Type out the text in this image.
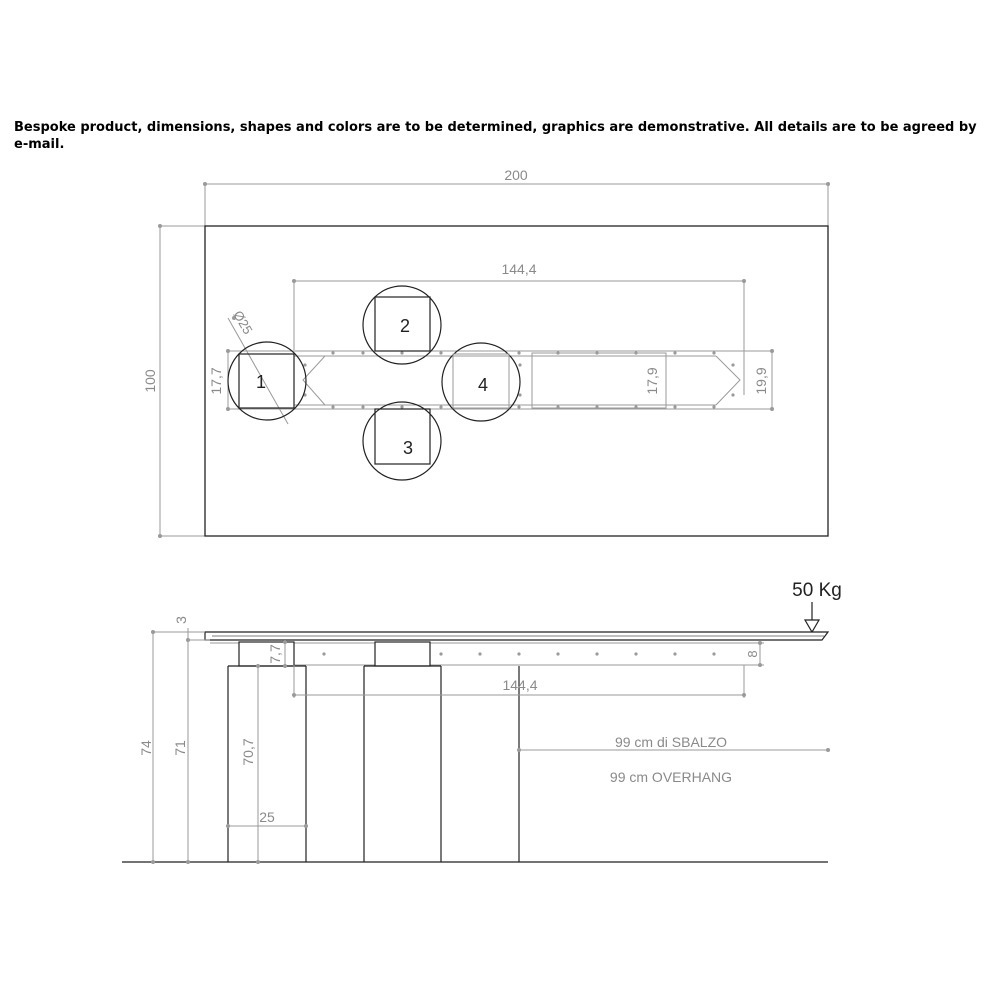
Bespoke product, dimensions, shapes and colors are to be determined, graphics are demonstrative. All details are to be agreed by e-mail.
200
100
144,4
17,7	17,9	19,9
Ø25
1
2
3
4
50 Kg
74
3
71	70,7
7,7	8
144,4
25
99 cm di SBALZO
99 cm OVERHANG
